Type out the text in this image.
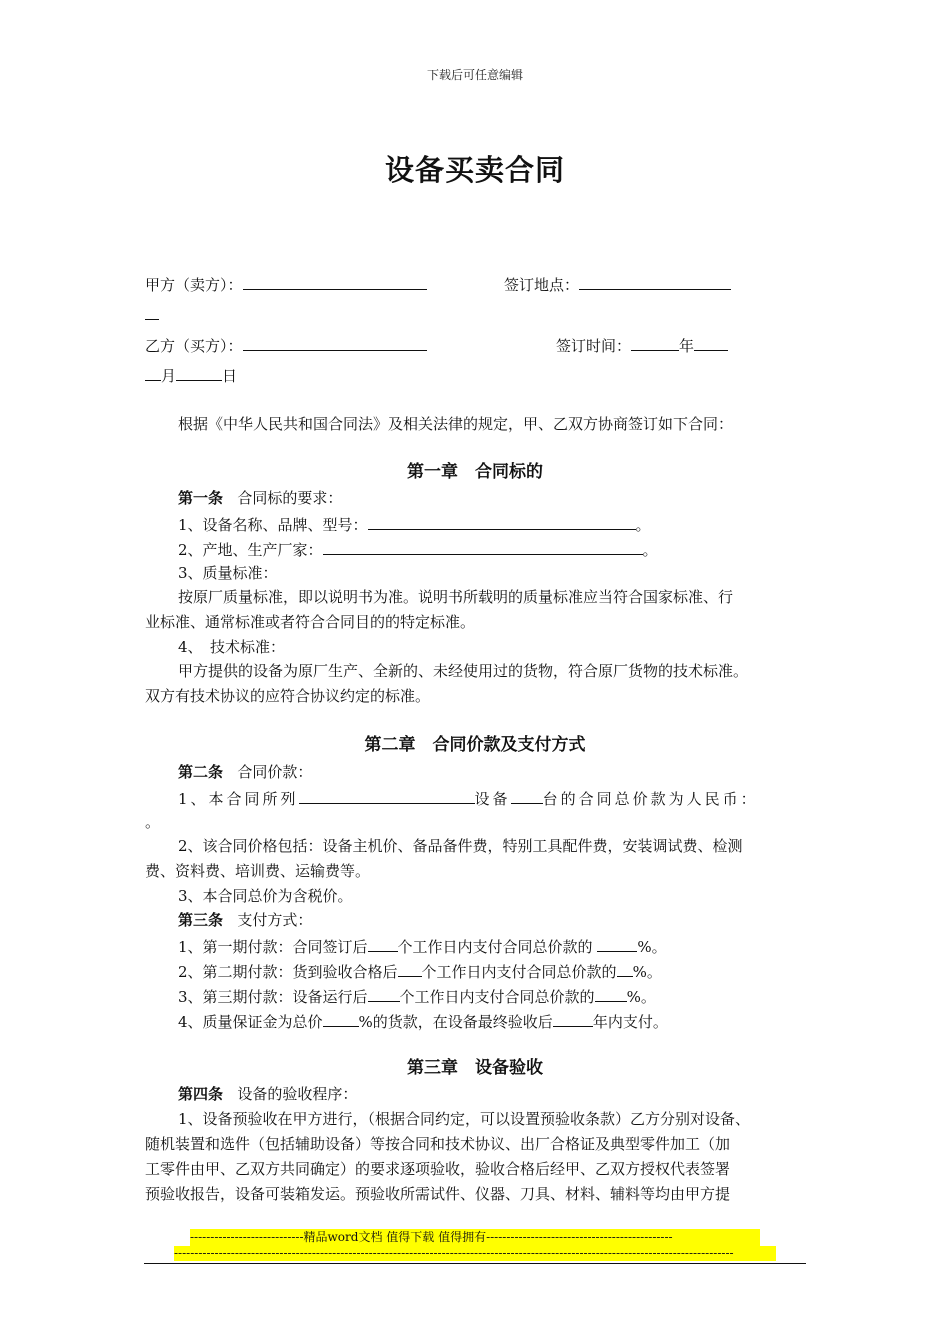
下载后可任意编辑
设备买卖合同
甲方（卖方）：	签订地点：
乙方（买方）：	签订时间：	年
月	日
根据《中华人民共和国合同法》及相关法律的规定，甲、乙双方协商签订如下合同：
第一章　合同标的
第一条 合同标的要求：
1、设备名称、品牌、型号：	。
2、产地、生产厂家：	。
3、质量标准：
按原厂质量标准，即以说明书为准。说明书所载明的质量标准应当符合国家标准、行
业标准、通常标准或者符合合同目的的特定标准。
4、　技术标准：
甲方提供的设备为原厂生产、全新的、未经使用过的货物，符合原厂货物的技术标准。
双方有技术协议的应符合协议约定的标准。
第二章　合同价款及支付方式
第二条 合同价款：
1、本合同所列	设备 台的合同总价款为人民币：
。
2、该合同价格包括：设备主机价、备品备件费，特别工具配件费，安装调试费、检测
费、资料费、培训费、运输费等。
3、本合同总价为含税价。
第三条 支付方式：
1、第一期付款：合同签订后 个工作日内支付合同总价款的	%。
2、第二期付款：货到验收合格后 个工作日内支付合同总价款的 %。
3、第三期付款：设备运行后 个工作日内支付合同总价款的 %。
4、质量保证金为总价 %的货款，在设备最终验收后	年内支付。
第三章　设备验收
第四条 设备的验收程序：
1、设备预验收在甲方进行，（根据合同约定，可以设置预验收条款）乙方分别对设备、
随机装置和选件（包括辅助设备）等按合同和技术协议、出厂合格证及典型零件加工（加
工零件由甲、乙双方共同确定）的要求逐项验收，验收合格后经甲、乙双方授权代表签署
预验收报告，设备可装箱发运。预验收所需试件、仪器、刀具、材料、辅料等均由甲方提
----------------------------精品word文档 值得下载 值得拥有----------------------------------------------
------------------------------------------------------------------------------------------------------------------------------------------
